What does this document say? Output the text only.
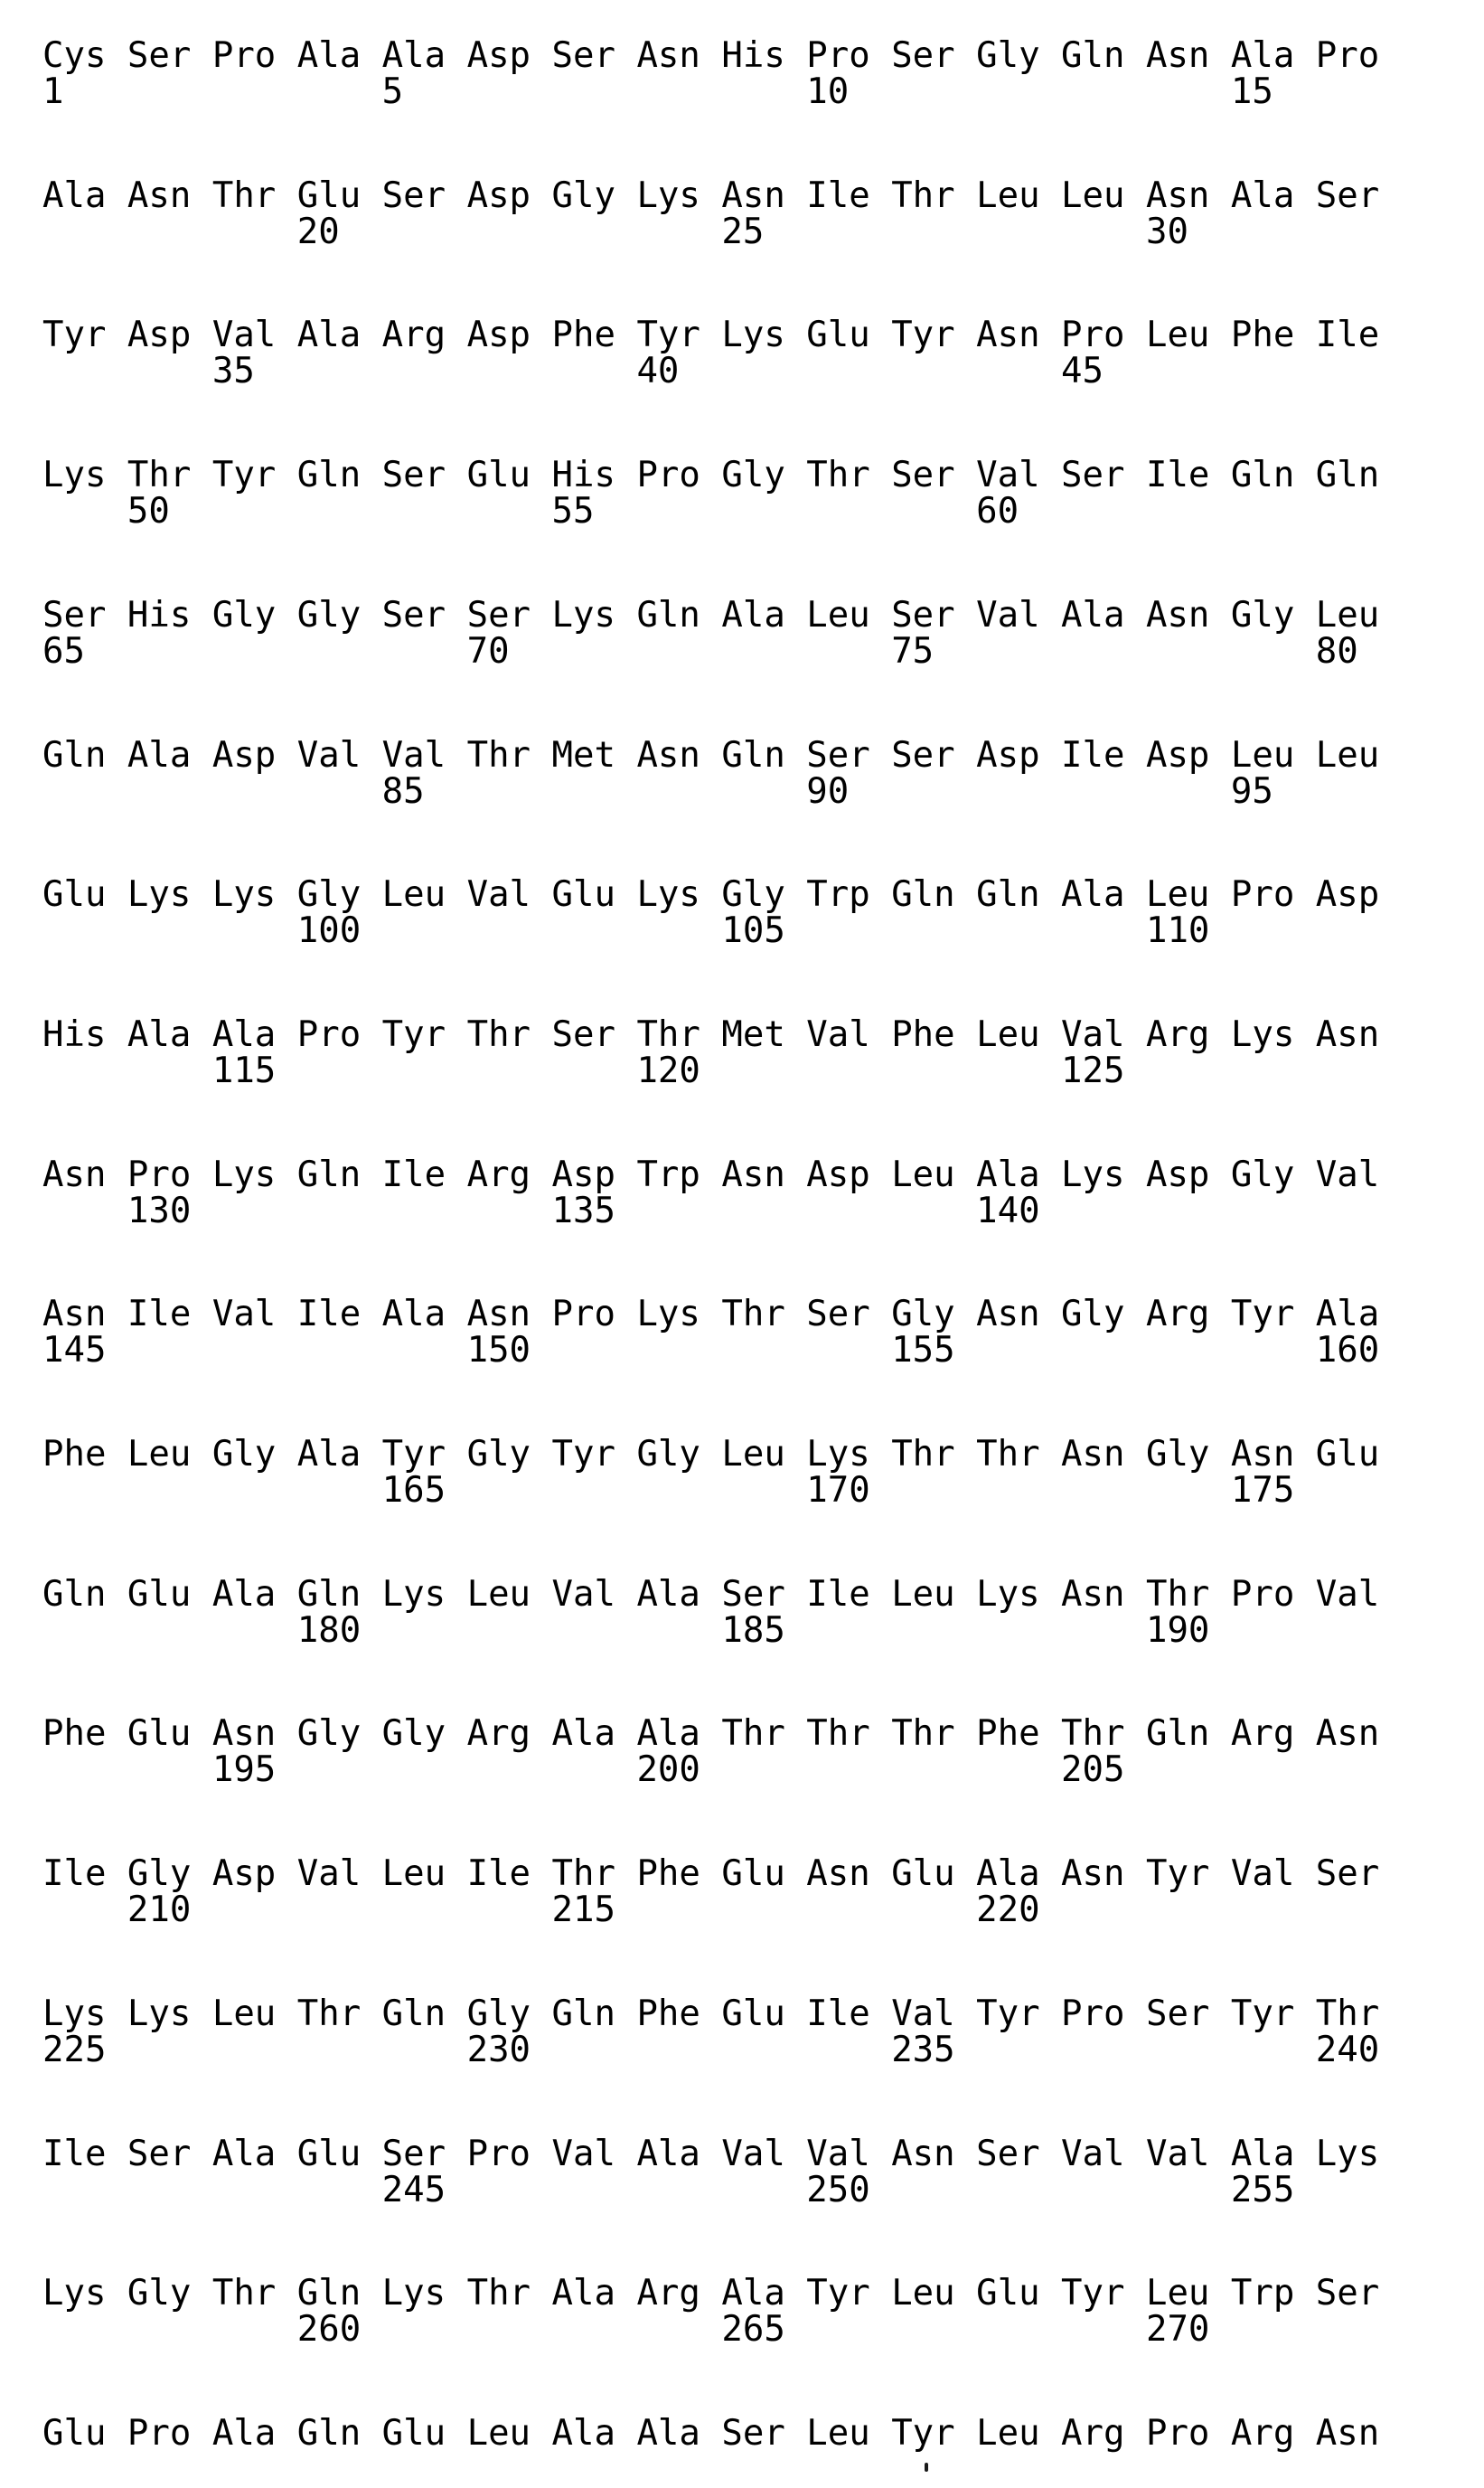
Cys Ser Pro Ala Ala Asp Ser Asn His Pro Ser Gly Gln Asn Ala Pro
1               5                   10                  15
Ala Asn Thr Glu Ser Asp Gly Lys Asn Ile Thr Leu Leu Asn Ala Ser
20                  25                  30
Tyr Asp Val Ala Arg Asp Phe Tyr Lys Glu Tyr Asn Pro Leu Phe Ile
35                  40                  45
Lys Thr Tyr Gln Ser Glu His Pro Gly Thr Ser Val Ser Ile Gln Gln
50                  55                  60
Ser His Gly Gly Ser Ser Lys Gln Ala Leu Ser Val Ala Asn Gly Leu
65                  70                  75                  80
Gln Ala Asp Val Val Thr Met Asn Gln Ser Ser Asp Ile Asp Leu Leu
85                  90                  95
Glu Lys Lys Gly Leu Val Glu Lys Gly Trp Gln Gln Ala Leu Pro Asp
100                 105                 110
His Ala Ala Pro Tyr Thr Ser Thr Met Val Phe Leu Val Arg Lys Asn
115                 120                 125
Asn Pro Lys Gln Ile Arg Asp Trp Asn Asp Leu Ala Lys Asp Gly Val
130                 135                 140
Asn Ile Val Ile Ala Asn Pro Lys Thr Ser Gly Asn Gly Arg Tyr Ala
145                 150                 155                 160
Phe Leu Gly Ala Tyr Gly Tyr Gly Leu Lys Thr Thr Asn Gly Asn Glu
165                 170                 175
Gln Glu Ala Gln Lys Leu Val Ala Ser Ile Leu Lys Asn Thr Pro Val
180                 185                 190
Phe Glu Asn Gly Gly Arg Ala Ala Thr Thr Thr Phe Thr Gln Arg Asn
195                 200                 205
Ile Gly Asp Val Leu Ile Thr Phe Glu Asn Glu Ala Asn Tyr Val Ser
210                 215                 220
Lys Lys Leu Thr Gln Gly Gln Phe Glu Ile Val Tyr Pro Ser Tyr Thr
225                 230                 235                 240
Ile Ser Ala Glu Ser Pro Val Ala Val Val Asn Ser Val Val Ala Lys
245                 250                 255
Lys Gly Thr Gln Lys Thr Ala Arg Ala Tyr Leu Glu Tyr Leu Trp Ser
260                 265                 270
Glu Pro Ala Gln Glu Leu Ala Ala Ser Leu Tyr Leu Arg Pro Arg Asn
